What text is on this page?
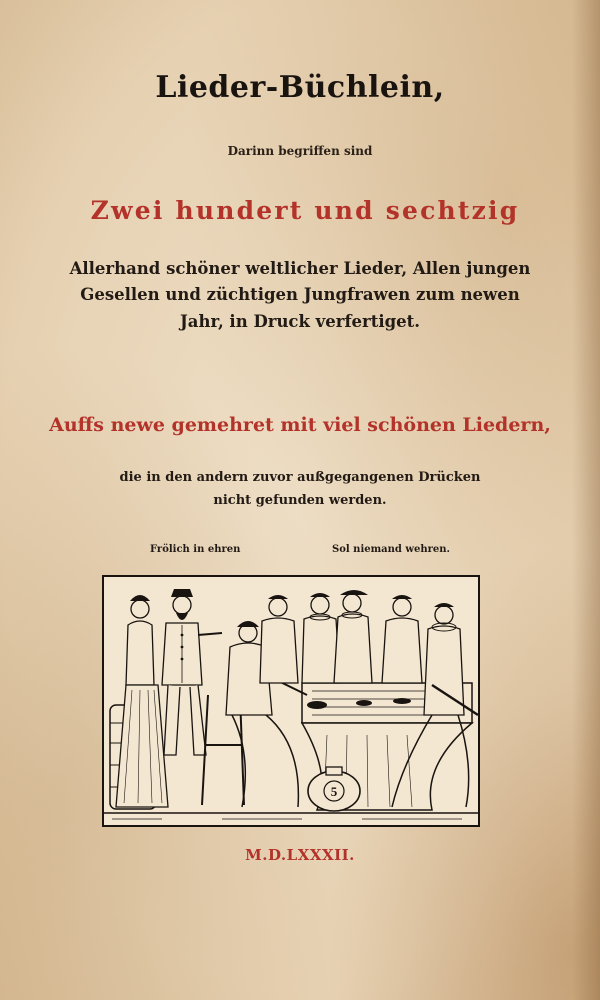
Lieder-Büchlein,
Darinn begriffen sind
Zwei hundert und sechtzig
Allerhand schöner weltlicher Lieder, Allen jungen
Gesellen und züchtigen Jungfrawen zum newen
Jahr, in Druck verfertiget.
Auffs newe gemehret mit viel schönen Liedern,
die in den andern zuvor außgegangenen Drücken
nicht gefunden werden.
Frölich in ehren	Sol niemand wehren.
5
M.D.LXXXII.
